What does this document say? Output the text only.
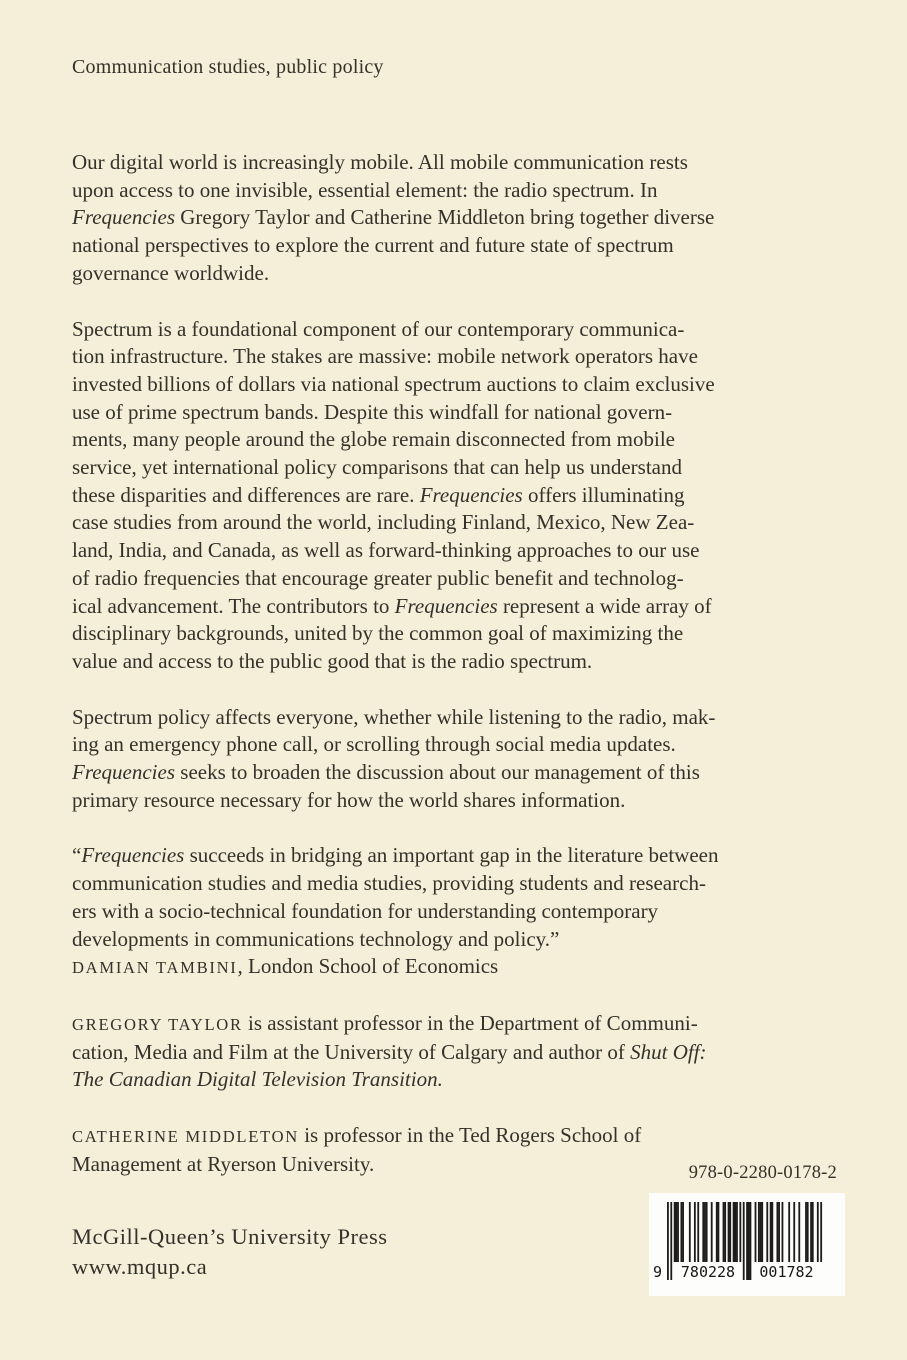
Communication studies, public policy
Our digital world is increasingly mobile. All mobile communication rests
upon access to one invisible, essential element: the radio spectrum. In
Frequencies Gregory Taylor and Catherine Middleton bring together diverse
national perspectives to explore the current and future state of spectrum
governance worldwide.
Spectrum is a foundational component of our contemporary communica-
tion infrastructure. The stakes are massive: mobile network operators have
invested billions of dollars via national spectrum auctions to claim exclusive
use of prime spectrum bands. Despite this windfall for national govern-
ments, many people around the globe remain disconnected from mobile
service, yet international policy comparisons that can help us understand
these disparities and differences are rare. Frequencies offers illuminating
case studies from around the world, including Finland, Mexico, New Zea-
land, India, and Canada, as well as forward-thinking approaches to our use
of radio frequencies that encourage greater public benefit and technolog-
ical advancement. The contributors to Frequencies represent a wide array of
disciplinary backgrounds, united by the common goal of maximizing the
value and access to the public good that is the radio spectrum.
Spectrum policy affects everyone, whether while listening to the radio, mak-
ing an emergency phone call, or scrolling through social media updates.
Frequencies seeks to broaden the discussion about our management of this
primary resource necessary for how the world shares information.
“Frequencies succeeds in bridging an important gap in the literature between
communication studies and media studies, providing students and research-
ers with a socio-technical foundation for understanding contemporary
developments in communications technology and policy.”
DAMIAN TAMBINI, London School of Economics
GREGORY TAYLOR is assistant professor in the Department of Communi-
cation, Media and Film at the University of Calgary and author of Shut Off:
The Canadian Digital Television Transition.
CATHERINE MIDDLETON is professor in the Ted Rogers School of
Management at Ryerson University.	978-0-2280-0178-2
9	780228	001782
McGill-Queen’s University Press
www.mqup.ca
